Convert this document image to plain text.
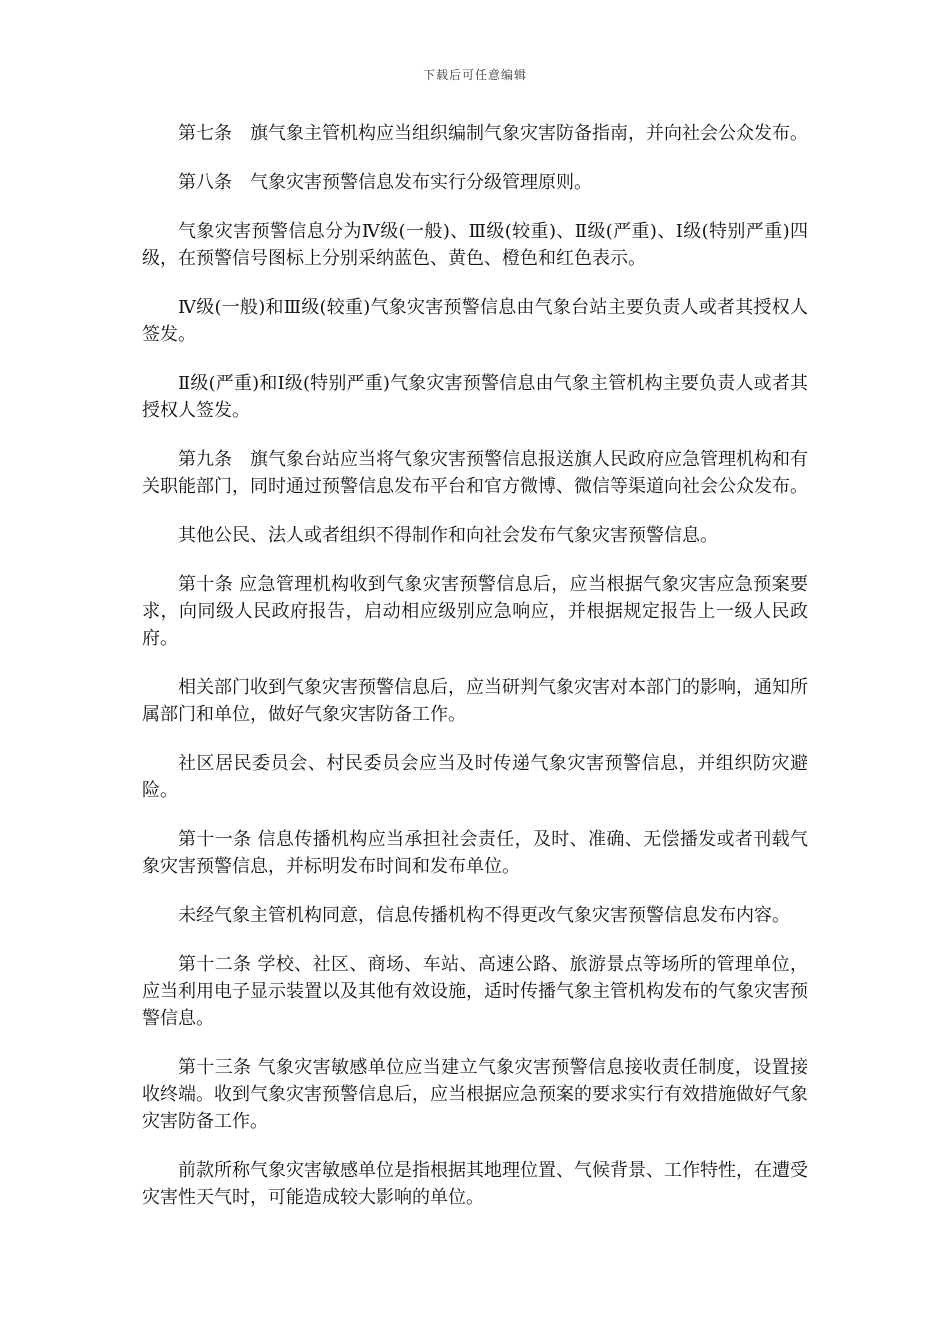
下载后可任意编辑

第七条　旗气象主管机构应当组织编制气象灾害防备指南，并向社会公众发布。

第八条　气象灾害预警信息发布实行分级管理原则。

气象灾害预警信息分为Ⅳ级(一般)、Ⅲ级(较重)、Ⅱ级(严重)、Ⅰ级(特别严重)四级，在预警信号图标上分别采纳蓝色、黄色、橙色和红色表示。

Ⅳ级(一般)和Ⅲ级(较重)气象灾害预警信息由气象台站主要负责人或者其授权人签发。

Ⅱ级(严重)和Ⅰ级(特别严重)气象灾害预警信息由气象主管机构主要负责人或者其授权人签发。

第九条　旗气象台站应当将气象灾害预警信息报送旗人民政府应急管理机构和有关职能部门，同时通过预警信息发布平台和官方微博、微信等渠道向社会公众发布。

其他公民、法人或者组织不得制作和向社会发布气象灾害预警信息。

第十条 应急管理机构收到气象灾害预警信息后，应当根据气象灾害应急预案要求，向同级人民政府报告，启动相应级别应急响应，并根据规定报告上一级人民政府。

相关部门收到气象灾害预警信息后，应当研判气象灾害对本部门的影响，通知所属部门和单位，做好气象灾害防备工作。

社区居民委员会、村民委员会应当及时传递气象灾害预警信息，并组织防灾避险。

第十一条 信息传播机构应当承担社会责任，及时、准确、无偿播发或者刊载气象灾害预警信息，并标明发布时间和发布单位。

未经气象主管机构同意，信息传播机构不得更改气象灾害预警信息发布内容。

第十二条 学校、社区、商场、车站、高速公路、旅游景点等场所的管理单位，应当利用电子显示装置以及其他有效设施，适时传播气象主管机构发布的气象灾害预警信息。

第十三条 气象灾害敏感单位应当建立气象灾害预警信息接收责任制度，设置接收终端。收到气象灾害预警信息后，应当根据应急预案的要求实行有效措施做好气象灾害防备工作。

前款所称气象灾害敏感单位是指根据其地理位置、气候背景、工作特性，在遭受灾害性天气时，可能造成较大影响的单位。
